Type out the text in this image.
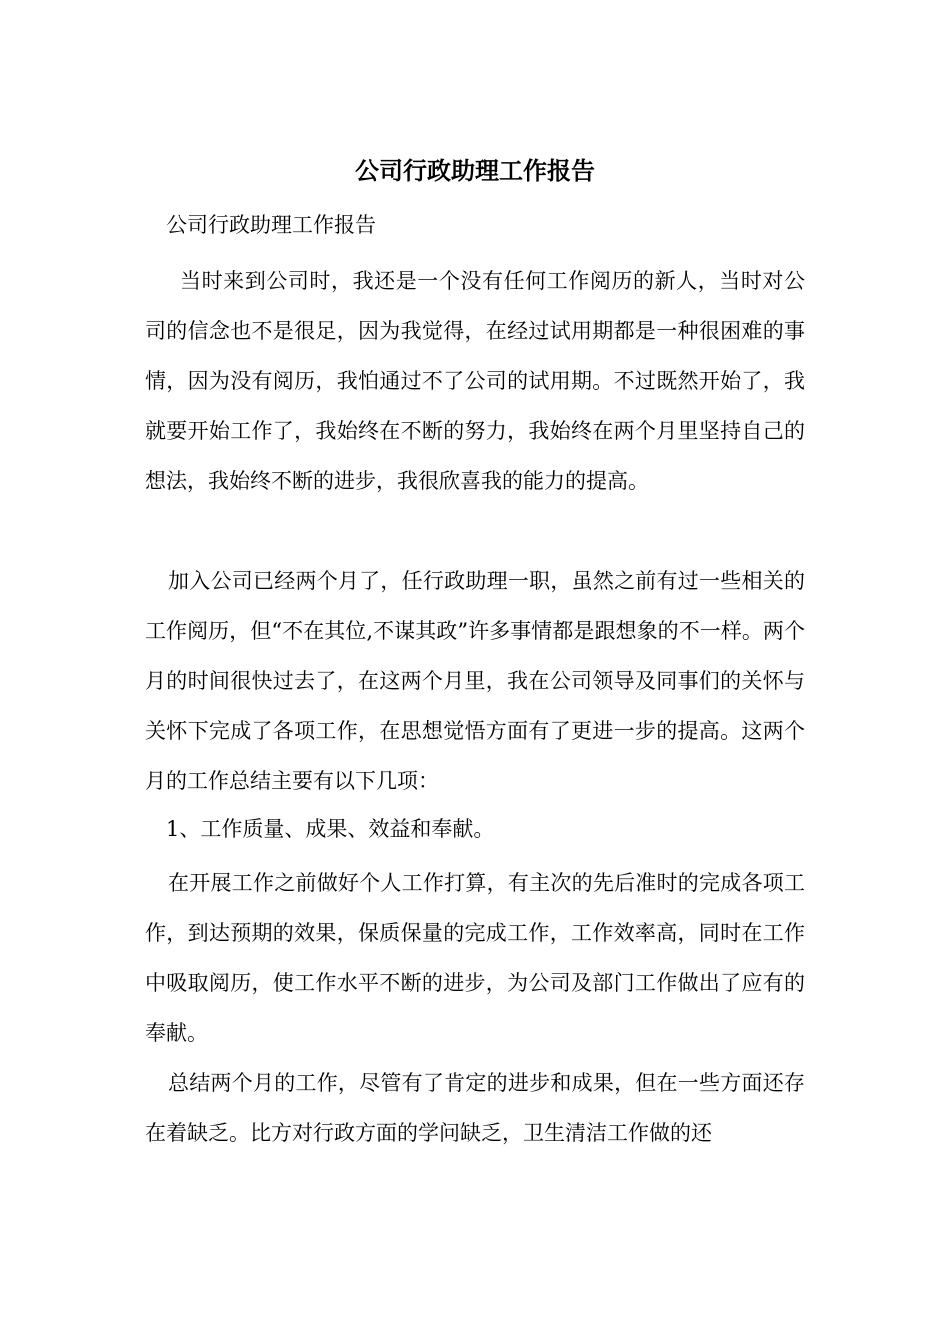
公司行政助理工作报告

公司行政助理工作报告

当时来到公司时，我还是一个没有任何工作阅历的新人，当时对公司的信念也不是很足，因为我觉得，在经过试用期都是一种很困难的事情，因为没有阅历，我怕通过不了公司的试用期。不过既然开始了，我就要开始工作了，我始终在不断的努力，我始终在两个月里坚持自己的想法，我始终不断的进步，我很欣喜我的能力的提高。

加入公司已经两个月了，任行政助理一职，虽然之前有过一些相关的工作阅历，但“不在其位,不谋其政”许多事情都是跟想象的不一样。两个月的时间很快过去了，在这两个月里，我在公司领导及同事们的关怀与关怀下完成了各项工作，在思想觉悟方面有了更进一步的提高。这两个月的工作总结主要有以下几项：

1、工作质量、成果、效益和奉献。

在开展工作之前做好个人工作打算，有主次的先后准时的完成各项工作，到达预期的效果，保质保量的完成工作，工作效率高，同时在工作中吸取阅历，使工作水平不断的进步，为公司及部门工作做出了应有的奉献。

总结两个月的工作，尽管有了肯定的进步和成果，但在一些方面还存在着缺乏。比方对行政方面的学问缺乏，卫生清洁工作做的还
